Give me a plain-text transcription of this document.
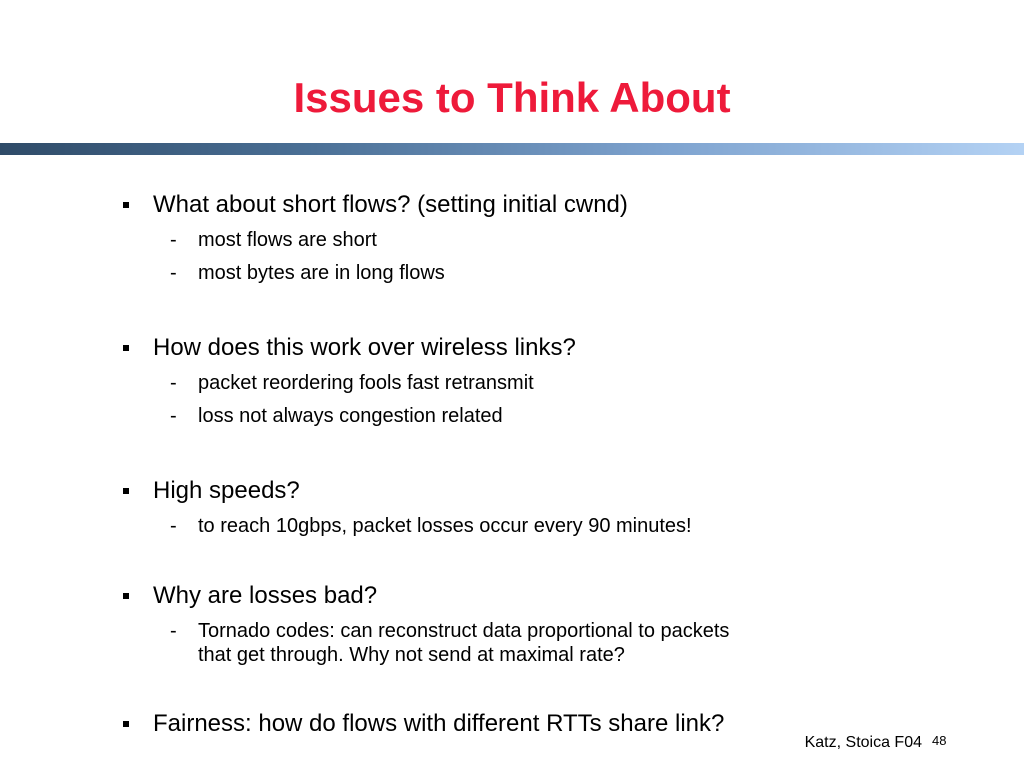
Issues to Think About
What about short flows? (setting initial cwnd)
- most flows are short
- most bytes are in long flows
How does this work over wireless links?
- packet reordering fools fast retransmit
- loss not always congestion related
High speeds?
- to reach 10gbps, packet losses occur every 90 minutes!
Why are losses bad?
- Tornado codes: can reconstruct data proportional to packets
that get through. Why not send at maximal rate?
Fairness: how do flows with different RTTs share link?
Katz, Stoica F04 48
